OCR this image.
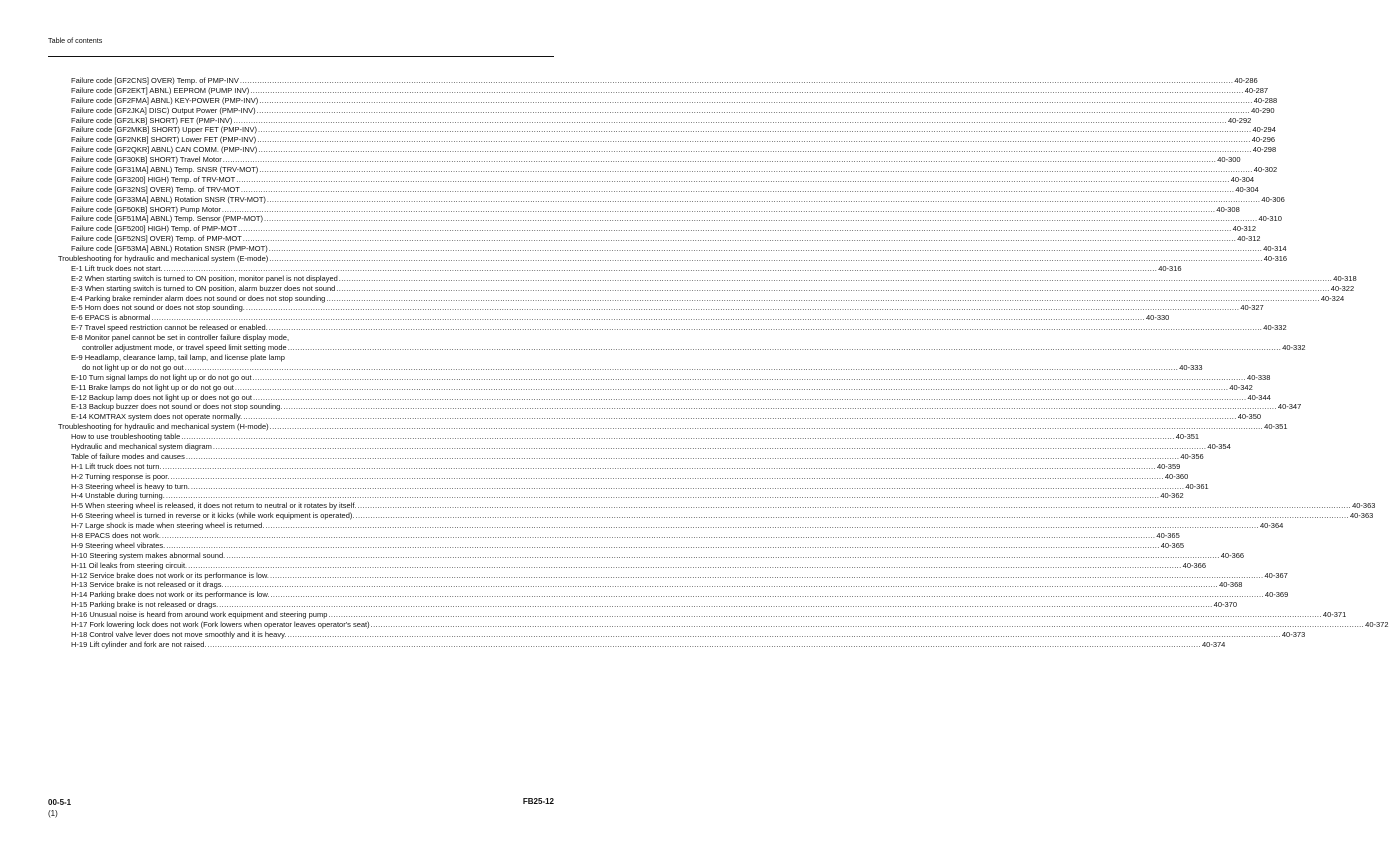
Table of contents
Failure code [GF2CNS] OVER) Temp. of PMP-INV ................................................................................................................................................................................................................................................................................................................................................................................................................ 40-286
Failure code [GF2EKT] ABNL) EEPROM (PUMP INV) ................................................................................................................................................................................................................................................................................................................................................................................................................ 40-287
Failure code [GF2FMA] ABNL) KEY-POWER (PMP-INV) ................................................................................................................................................................................................................................................................................................................................................................................................................ 40-288
Failure code [GF2JKA] DISC) Output Power (PMP-INV) ................................................................................................................................................................................................................................................................................................................................................................................................................ 40-290
Failure code [GF2LKB] SHORT) FET (PMP-INV) ................................................................................................................................................................................................................................................................................................................................................................................................................ 40-292
Failure code [GF2MKB] SHORT) Upper FET (PMP-INV) ................................................................................................................................................................................................................................................................................................................................................................................................................ 40-294
Failure code [GF2NKB] SHORT) Lower FET (PMP-INV) ................................................................................................................................................................................................................................................................................................................................................................................................................ 40-296
Failure code [GF2QKR] ABNL) CAN COMM. (PMP-INV) ................................................................................................................................................................................................................................................................................................................................................................................................................ 40-298
Failure code [GF30KB] SHORT) Travel Motor ................................................................................................................................................................................................................................................................................................................................................................................................................ 40-300
Failure code [GF31MA] ABNL) Temp. SNSR (TRV-MOT) ................................................................................................................................................................................................................................................................................................................................................................................................................ 40-302
Failure code [GF3200] HIGH) Temp. of TRV-MOT ................................................................................................................................................................................................................................................................................................................................................................................................................ 40-304
Failure code [GF32NS] OVER) Temp. of TRV-MOT ................................................................................................................................................................................................................................................................................................................................................................................................................ 40-304
Failure code [GF33MA] ABNL) Rotation SNSR (TRV-MOT) ................................................................................................................................................................................................................................................................................................................................................................................................................ 40-306
Failure code [GF50KB] SHORT) Pump Motor ................................................................................................................................................................................................................................................................................................................................................................................................................ 40-308
Failure code [GF51MA] ABNL) Temp. Sensor (PMP-MOT) ................................................................................................................................................................................................................................................................................................................................................................................................................ 40-310
Failure code [GF5200] HIGH) Temp. of PMP-MOT ................................................................................................................................................................................................................................................................................................................................................................................................................ 40-312
Failure code [GF52NS] OVER) Temp. of PMP-MOT ................................................................................................................................................................................................................................................................................................................................................................................................................ 40-312
Failure code [GF53MA] ABNL) Rotation SNSR (PMP-MOT) ................................................................................................................................................................................................................................................................................................................................................................................................................ 40-314
Troubleshooting for hydraulic and mechanical system (E-mode) ................................................................................................................................................................................................................................................................................................................................................................................................................ 40-316
E-1 Lift truck does not start. ................................................................................................................................................................................................................................................................................................................................................................................................................ 40-316
E-2 When starting switch is turned to ON position, monitor panel is not displayed ................................................................................................................................................................................................................................................................................................................................................................................................................ 40-318
E-3 When starting switch is turned to ON position, alarm buzzer does not sound ................................................................................................................................................................................................................................................................................................................................................................................................................ 40-322
E-4 Parking brake reminder alarm does not sound or does not stop sounding ................................................................................................................................................................................................................................................................................................................................................................................................................ 40-324
E-5 Horn does not sound or does not stop sounding. ................................................................................................................................................................................................................................................................................................................................................................................................................ 40-327
E-6 EPACS is abnormal ................................................................................................................................................................................................................................................................................................................................................................................................................ 40-330
E-7 Travel speed restriction cannot be released or enabled. ................................................................................................................................................................................................................................................................................................................................................................................................................ 40-332
E-8 Monitor panel cannot be set in controller failure display mode,
controller adjustment mode, or travel speed limit setting mode ................................................................................................................................................................................................................................................................................................................................................................................................................ 40-332
E-9 Headlamp, clearance lamp, tail lamp, and license plate lamp
do not light up or do not go out ................................................................................................................................................................................................................................................................................................................................................................................................................ 40-333
E-10 Turn signal lamps do not light up or do not go out ................................................................................................................................................................................................................................................................................................................................................................................................................ 40-338
E-11 Brake lamps do not light up or do not go out ................................................................................................................................................................................................................................................................................................................................................................................................................ 40-342
E-12 Backup lamp does not light up or does not go out ................................................................................................................................................................................................................................................................................................................................................................................................................ 40-344
E-13 Backup buzzer does not sound or does not stop sounding. ................................................................................................................................................................................................................................................................................................................................................................................................................ 40-347
E-14 KOMTRAX system does not operate normally. ................................................................................................................................................................................................................................................................................................................................................................................................................ 40-350
Troubleshooting for hydraulic and mechanical system (H-mode) ................................................................................................................................................................................................................................................................................................................................................................................................................ 40-351
How to use troubleshooting table ................................................................................................................................................................................................................................................................................................................................................................................................................ 40-351
Hydraulic and mechanical system diagram ................................................................................................................................................................................................................................................................................................................................................................................................................ 40-354
Table of failure modes and causes ................................................................................................................................................................................................................................................................................................................................................................................................................ 40-356
H-1 Lift truck does not turn. ................................................................................................................................................................................................................................................................................................................................................................................................................ 40-359
H-2 Turning response is poor. ................................................................................................................................................................................................................................................................................................................................................................................................................ 40-360
H-3 Steering wheel is heavy to turn. ................................................................................................................................................................................................................................................................................................................................................................................................................ 40-361
H-4 Unstable during turning. ................................................................................................................................................................................................................................................................................................................................................................................................................ 40-362
H-5 When steering wheel is released, it does not return to neutral or it rotates by itself. ................................................................................................................................................................................................................................................................................................................................................................................................................ 40-363
H-6 Steering wheel is turned in reverse or it kicks (while work equipment is operated). ................................................................................................................................................................................................................................................................................................................................................................................................................ 40-363
H-7 Large shock is made when steering wheel is returned. ................................................................................................................................................................................................................................................................................................................................................................................................................ 40-364
H-8 EPACS does not work. ................................................................................................................................................................................................................................................................................................................................................................................................................ 40-365
H-9 Steering wheel vibrates. ................................................................................................................................................................................................................................................................................................................................................................................................................ 40-365
H-10 Steering system makes abnormal sound. ................................................................................................................................................................................................................................................................................................................................................................................................................ 40-366
H-11 Oil leaks from steering circuit. ................................................................................................................................................................................................................................................................................................................................................................................................................ 40-366
H-12 Service brake does not work or its performance is low. ................................................................................................................................................................................................................................................................................................................................................................................................................ 40-367
H-13 Service brake is not released or it drags. ................................................................................................................................................................................................................................................................................................................................................................................................................ 40-368
H-14 Parking brake does not work or its performance is low. ................................................................................................................................................................................................................................................................................................................................................................................................................ 40-369
H-15 Parking brake is not released or drags. ................................................................................................................................................................................................................................................................................................................................................................................................................ 40-370
H-16 Unusual noise is heard from around work equipment and steering pump ................................................................................................................................................................................................................................................................................................................................................................................................................ 40-371
H-17 Fork lowering lock does not work (Fork lowers when operator leaves operator's seat) ................................................................................................................................................................................................................................................................................................................................................................................................................ 40-372
H-18 Control valve lever does not move smoothly and it is heavy. ................................................................................................................................................................................................................................................................................................................................................................................................................ 40-373
H-19 Lift cylinder and fork are not raised. ................................................................................................................................................................................................................................................................................................................................................................................................................ 40-374
00-5-1
(1)
FB25-12
